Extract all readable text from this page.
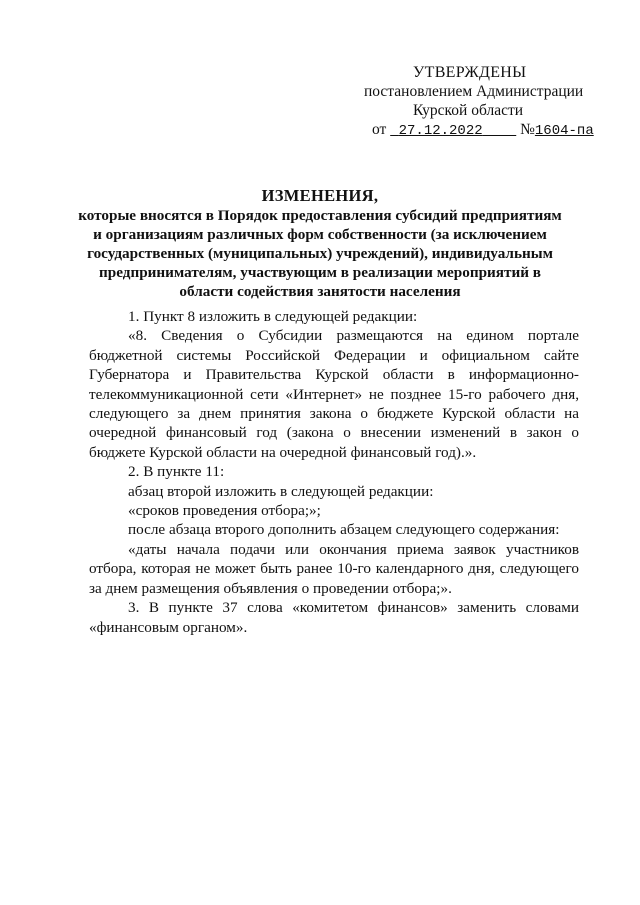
УТВЕРЖДЕНЫ
постановлением Администрации
Курской области
от 27.12.2022 №1604-па
ИЗМЕНЕНИЯ,
которые вносятся в Порядок предоставления субсидий предприятиям
и организациям различных форм собственности (за исключением
государственных (муниципальных) учреждений), индивидуальным
предпринимателям, участвующим в реализации мероприятий в
области содействия занятости населения

1. Пункт 8 изложить в следующей редакции:

«8. Сведения о Субсидии размещаются на едином портале бюджетной системы Российской Федерации и официальном сайте Губернатора и Правительства Курской области в информационно-телекоммуникационной сети «Интернет» не позднее 15-го рабочего дня, следующего за днем принятия закона о бюджете Курской области на очередной финансовый год (закона о внесении изменений в закон о бюджете Курской области на очередной финансовый год).».

2. В пункте 11:

абзац второй изложить в следующей редакции:

«сроков проведения отбора;»;

после абзаца второго дополнить абзацем следующего содержания:

«даты начала подачи или окончания приема заявок участников отбора, которая не может быть ранее 10-го календарного дня, следующего за днем размещения объявления о проведении отбора;».

3. В пункте 37 слова «комитетом финансов» заменить словами «финансовым органом».
